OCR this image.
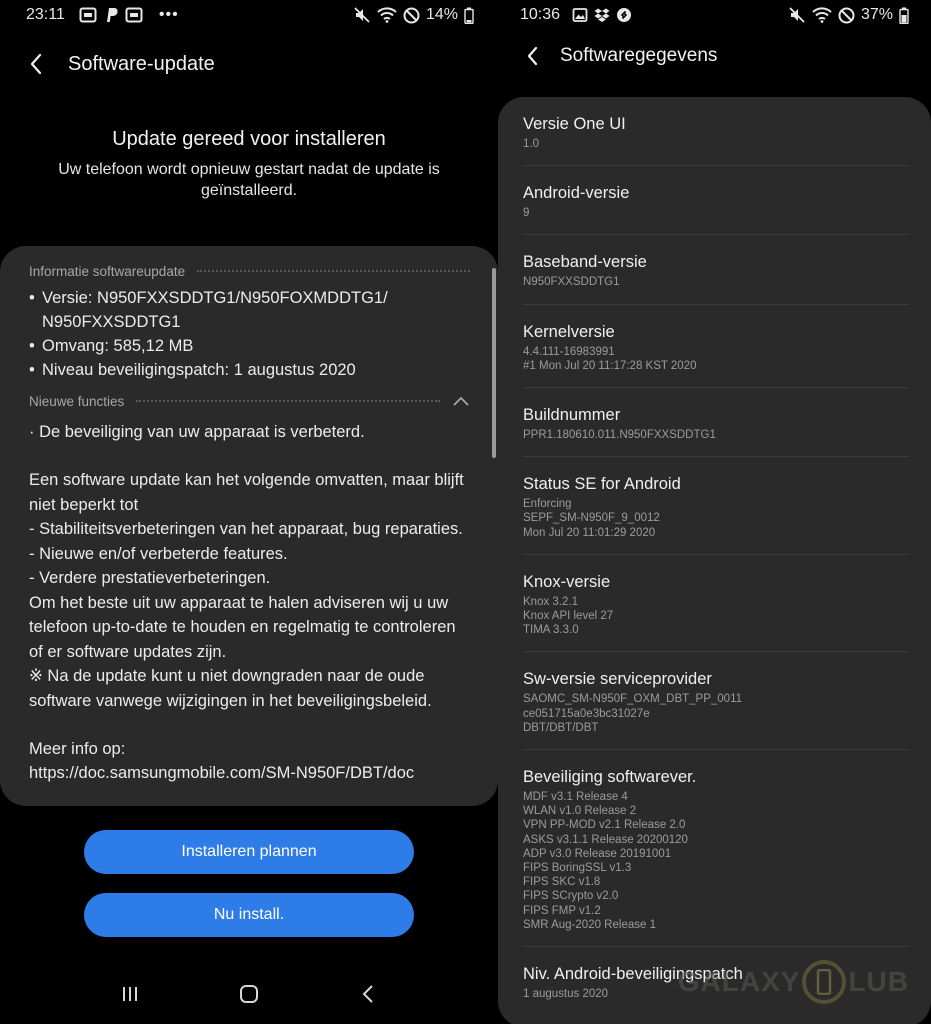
23:11	•••	14%
Software-update
Update gereed voor installeren
Uw telefoon wordt opnieuw gestart nadat de update is geïnstalleerd.
Informatie softwareupdate
• Versie: N950FXXSDDTG1/N950FOXMDDTG1/ N950FXXSDDTG1
• Omvang: 585,12 MB
• Niveau beveiligingspatch: 1 augustus 2020
Nieuwe functies
· De beveiliging van uw apparaat is verbeterd.
Een software update kan het volgende omvatten, maar blijft niet beperkt tot
- Stabiliteitsverbeteringen van het apparaat, bug reparaties.
- Nieuwe en/of verbeterde features.
- Verdere prestatieverbeteringen.
Om het beste uit uw apparaat te halen adviseren wij u uw telefoon up-to-date te houden en regelmatig te controleren of er software updates zijn.
※ Na de update kunt u niet downgraden naar de oude software vanwege wijzigingen in het beveiligingsbeleid.
Meer info op:
https://doc.samsungmobile.com/SM-N950F/DBT/doc
Installeren plannen
Nu install.
10:36	37%
Softwaregegevens
Versie One UI
1.0
Android-versie
9
Baseband-versie
N950FXXSDDTG1
Kernelversie
4.4.111-16983991
#1 Mon Jul 20 11:17:28 KST 2020
Buildnummer
PPR1.180610.011.N950FXXSDDTG1
Status SE for Android
Enforcing
SEPF_SM-N950F_9_0012
Mon Jul 20 11:01:29 2020
Knox-versie
Knox 3.2.1
Knox API level 27
TIMA 3.3.0
Sw-versie serviceprovider
SAOMC_SM-N950F_OXM_DBT_PP_0011
ce051715a0e3bc31027e
DBT/DBT/DBT
Beveiliging softwarever.
MDF v3.1 Release 4
WLAN v1.0 Release 2
VPN PP-MOD v2.1 Release 2.0
ASKS v3.1.1 Release 20200120
ADP v3.0 Release 20191001
FIPS BoringSSL v1.3
FIPS SKC v1.8
FIPS SCrypto v2.0
FIPS FMP v1.2
SMR Aug-2020 Release 1
Niv. Android-beveiligingspatch
1 augustus 2020	GALAXY LUB
